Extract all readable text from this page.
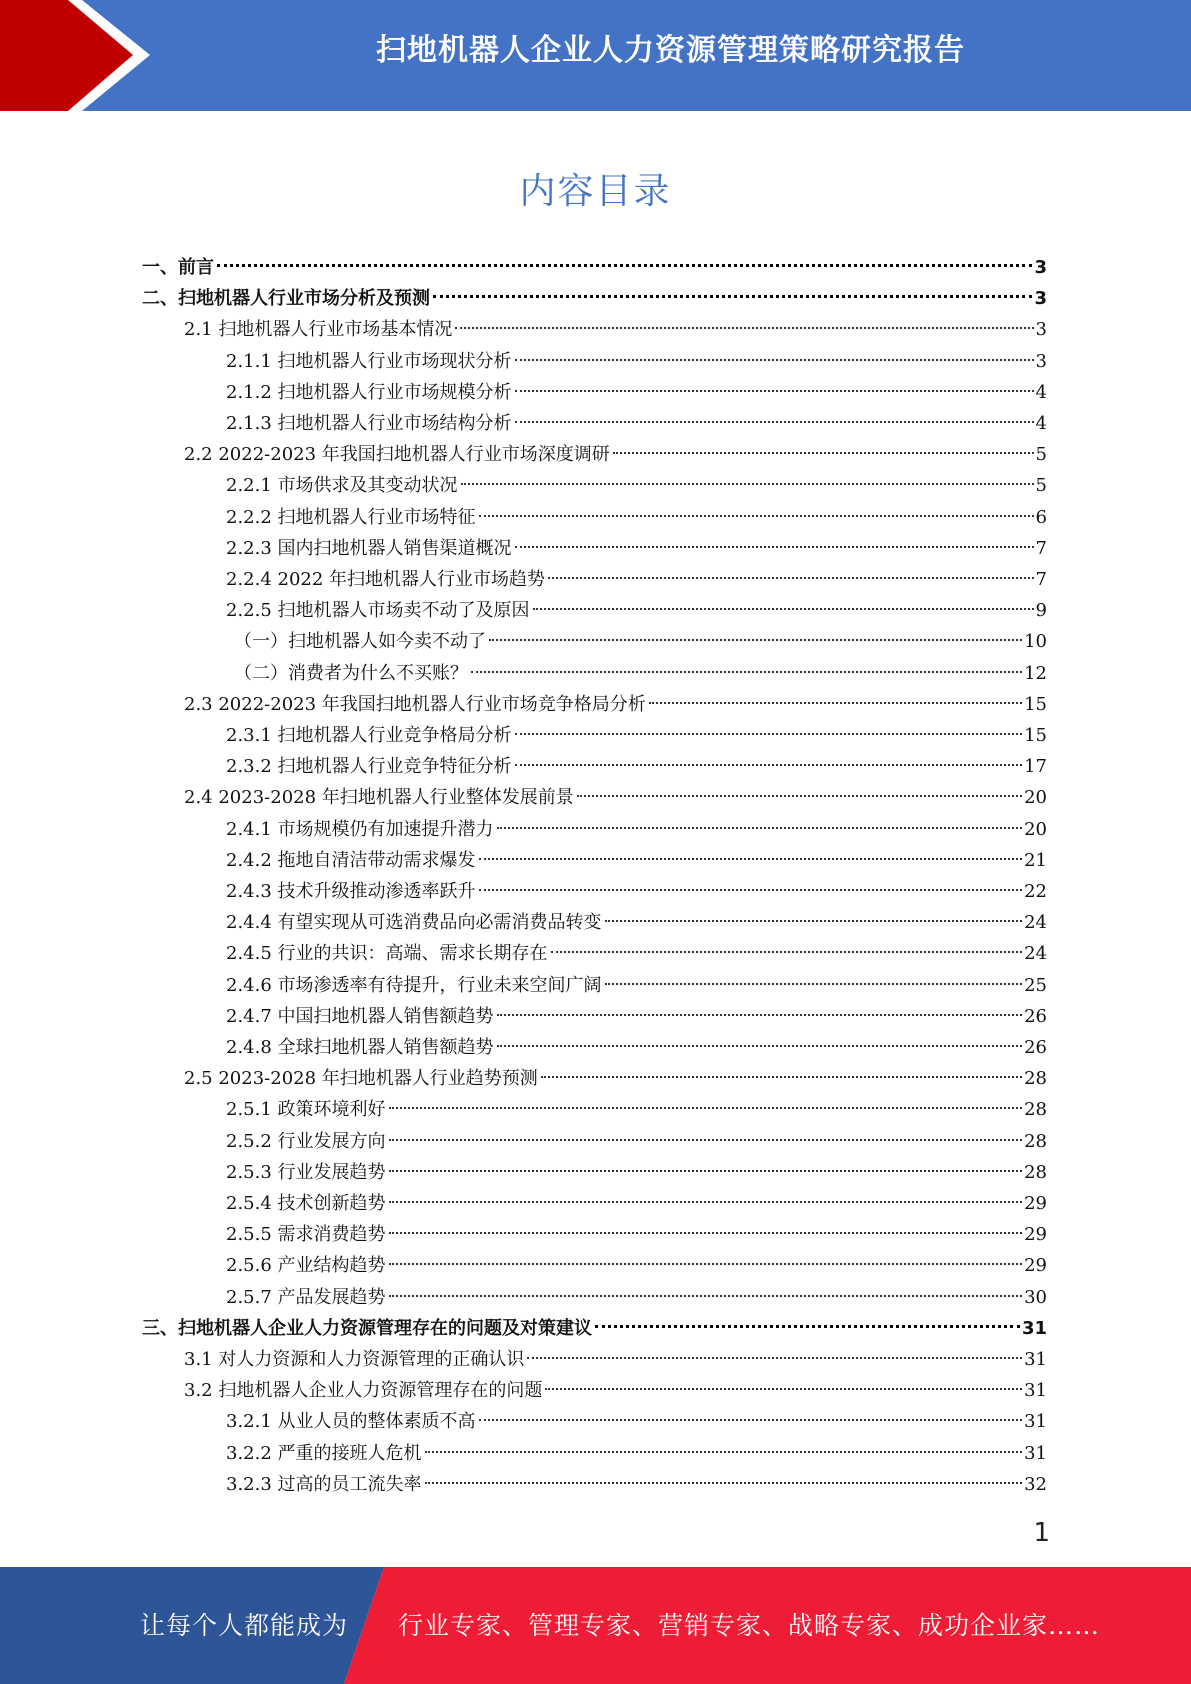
扫地机器人企业人力资源管理策略研究报告
内容目录
一、前言	3
二、扫地机器人行业市场分析及预测	3
2.1 扫地机器人行业市场基本情况	3
2.1.1 扫地机器人行业市场现状分析	3
2.1.2 扫地机器人行业市场规模分析	4
2.1.3 扫地机器人行业市场结构分析	4
2.2 2022-2023 年我国扫地机器人行业市场深度调研	5
2.2.1 市场供求及其变动状况	5
2.2.2 扫地机器人行业市场特征	6
2.2.3 国内扫地机器人销售渠道概况	7
2.2.4 2022 年扫地机器人行业市场趋势	7
2.2.5 扫地机器人市场卖不动了及原因	9
（一）扫地机器人如今卖不动了	10
（二）消费者为什么不买账？	12
2.3 2022-2023 年我国扫地机器人行业市场竞争格局分析	15
2.3.1 扫地机器人行业竞争格局分析	15
2.3.2 扫地机器人行业竞争特征分析	17
2.4 2023-2028 年扫地机器人行业整体发展前景	20
2.4.1 市场规模仍有加速提升潜力	20
2.4.2 拖地自清洁带动需求爆发	21
2.4.3 技术升级推动渗透率跃升	22
2.4.4 有望实现从可选消费品向必需消费品转变	24
2.4.5 行业的共识：高端、需求长期存在	24
2.4.6 市场渗透率有待提升，行业未来空间广阔	25
2.4.7 中国扫地机器人销售额趋势	26
2.4.8 全球扫地机器人销售额趋势	26
2.5 2023-2028 年扫地机器人行业趋势预测	28
2.5.1 政策环境利好	28
2.5.2 行业发展方向	28
2.5.3 行业发展趋势	28
2.5.4 技术创新趋势	29
2.5.5 需求消费趋势	29
2.5.6 产业结构趋势	29
2.5.7 产品发展趋势	30
三、扫地机器人企业人力资源管理存在的问题及对策建议	31
3.1 对人力资源和人力资源管理的正确认识	31
3.2 扫地机器人企业人力资源管理存在的问题	31
3.2.1 从业人员的整体素质不高	31
3.2.2 严重的接班人危机	31
3.2.3 过高的员工流失率	32
1
让每个人都能成为 行业专家、管理专家、营销专家、战略专家、成功企业家……
